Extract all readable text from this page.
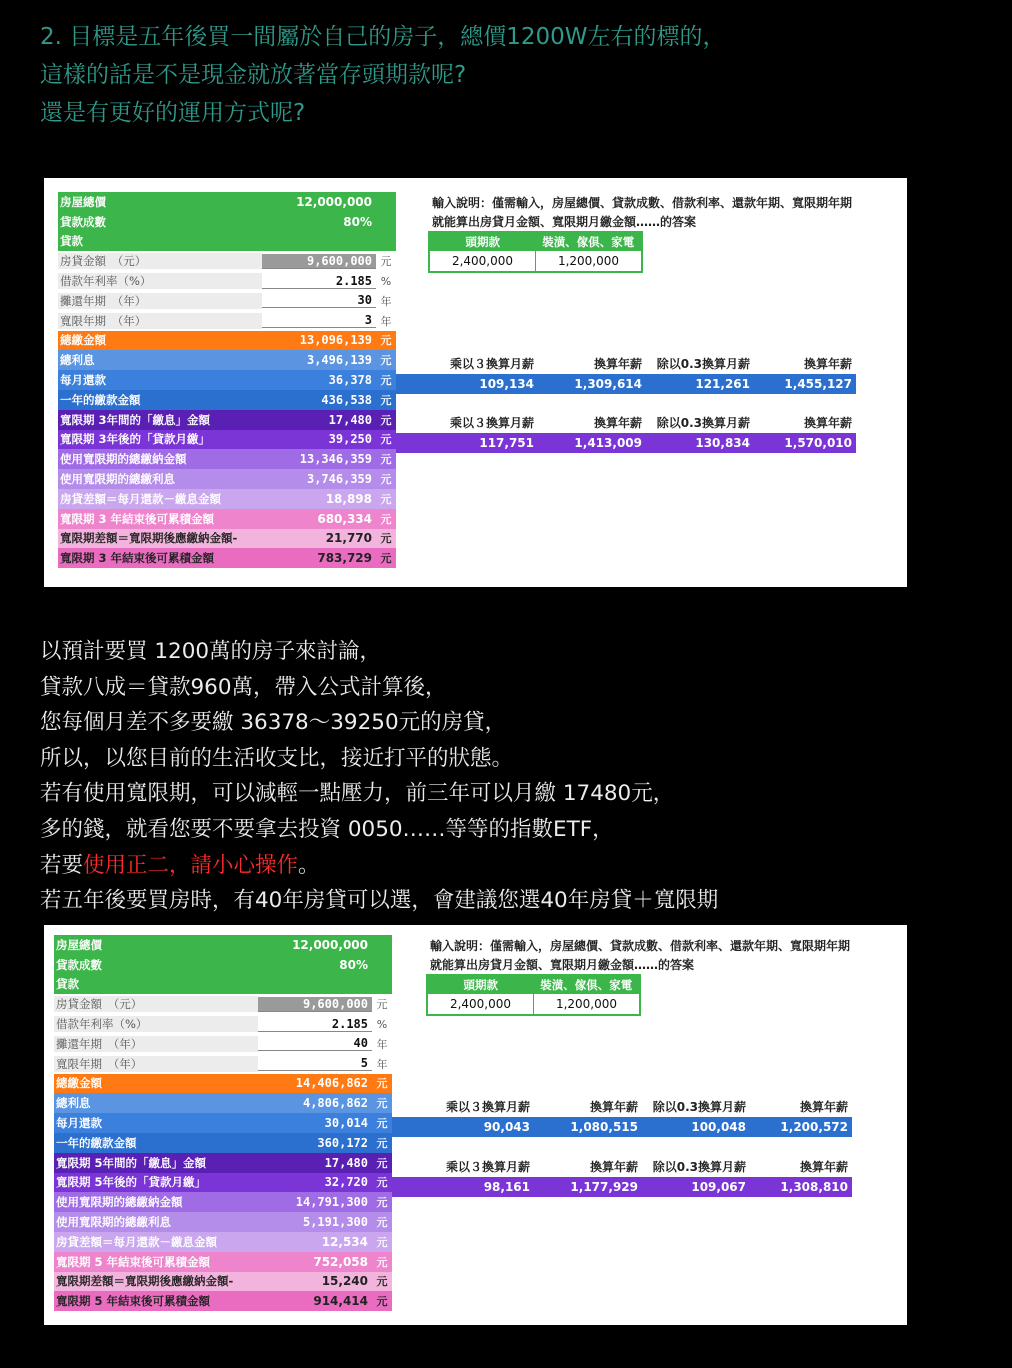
2. 目標是五年後買一間屬於自己的房子，總價1200W左右的標的，
這樣的話是不是現金就放著當存頭期款呢?
還是有更好的運用方式呢?
房屋總價	12,000,000
貸款成數	80%
貸款
房貸金額　（元）	9,600,000 元
借款年利率（%）	2.185 %
攤還年期　（年）	30 年
寬限年期　（年）	3 年
總繳金額	13,096,139 元
總利息	3,496,139 元
每月還款	36,378 元
一年的繳款金額	436,538 元
寬限期 3年間的「繳息」金額	17,480 元
寬限期 3年後的「貸款月繳」	39,250 元
使用寬限期的總繳納金額	13,346,359 元
使用寬限期的總繳利息	3,746,359 元
房貸差額＝每月還款－繳息金額	18,898 元
寬限期 3 年結束後可累積金額	680,334 元
寬限期差額＝寬限期後應繳納金額-	21,770 元
寬限期 3 年結束後可累積金額	783,729 元
輸入說明：僅需輸入，房屋總價、貸款成數、借款利率、還款年期、寬限期年期
就能算出房貸月金額、寬限期月繳金額……的答案
頭期款	裝潢、傢俱、家電
2,400,000	1,200,000
乘以３換算月薪	換算年薪	除以0.3換算月薪	換算年薪
109,134	1,309,614	121,261	1,455,127
乘以３換算月薪	換算年薪	除以0.3換算月薪	換算年薪
117,751	1,413,009	130,834	1,570,010
以預計要買 1200萬的房子來討論，
貸款八成＝貸款960萬，帶入公式計算後，
您每個月差不多要繳 36378～39250元的房貸，
所以，以您目前的生活收支比，接近打平的狀態。
若有使用寬限期，可以減輕一點壓力，前三年可以月繳 17480元，
多的錢，就看您要不要拿去投資 0050……等等的指數ETF，
若要使用正二，請小心操作。
若五年後要買房時，有40年房貸可以選，會建議您選40年房貸＋寬限期
房屋總價	12,000,000
貸款成數	80%
貸款
房貸金額　（元）	9,600,000 元
借款年利率（%）	2.185 %
攤還年期　（年）	40 年
寬限年期　（年）	5 年
總繳金額	14,406,862 元
總利息	4,806,862 元
每月還款	30,014 元
一年的繳款金額	360,172 元
寬限期 5年間的「繳息」金額	17,480 元
寬限期 5年後的「貸款月繳」	32,720 元
使用寬限期的總繳納金額	14,791,300 元
使用寬限期的總繳利息	5,191,300 元
房貸差額＝每月還款－繳息金額	12,534 元
寬限期 5 年結束後可累積金額	752,058 元
寬限期差額＝寬限期後應繳納金額-	15,240 元
寬限期 5 年結束後可累積金額	914,414 元
輸入說明：僅需輸入，房屋總價、貸款成數、借款利率、還款年期、寬限期年期
就能算出房貸月金額、寬限期月繳金額……的答案
頭期款	裝潢、傢俱、家電
2,400,000	1,200,000
乘以３換算月薪	換算年薪	除以0.3換算月薪	換算年薪
90,043	1,080,515	100,048	1,200,572
乘以３換算月薪	換算年薪	除以0.3換算月薪	換算年薪
98,161	1,177,929	109,067	1,308,810
